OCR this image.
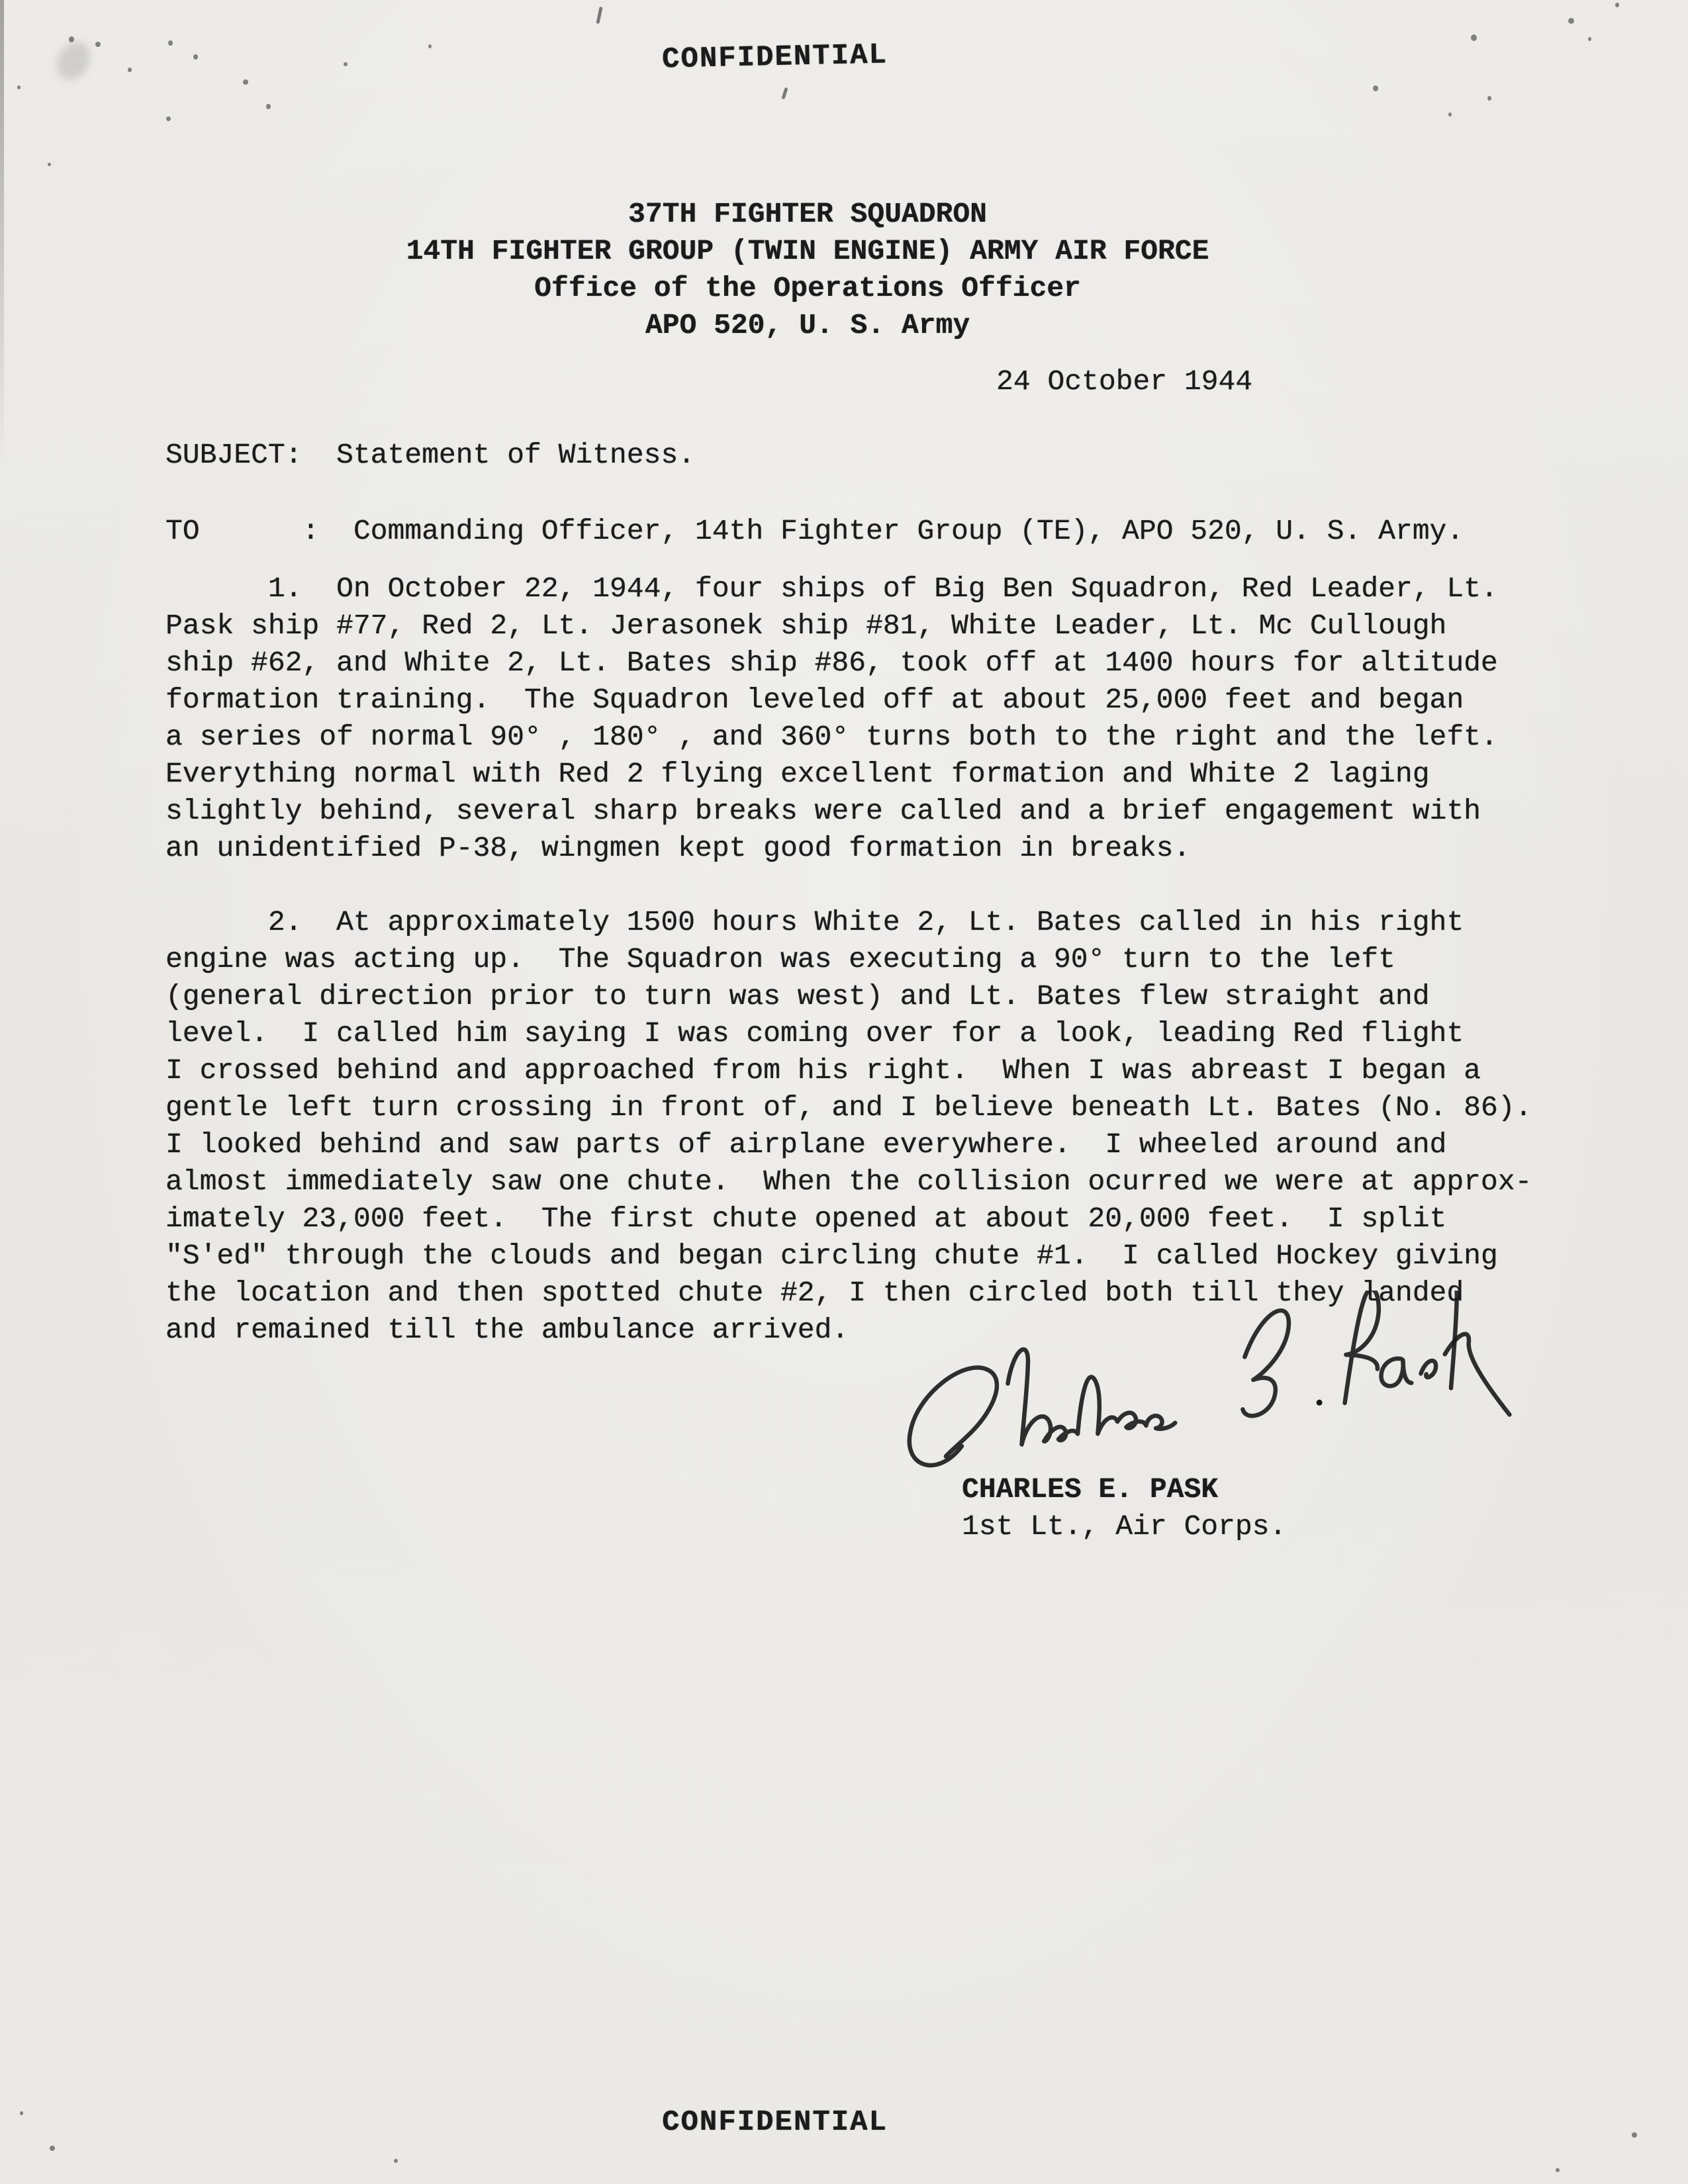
CONFIDENTIAL
CONFIDENTIAL
37TH FIGHTER SQUADRON
14TH FIGHTER GROUP (TWIN ENGINE) ARMY AIR FORCE
Office of the Operations Officer
APO 520, U. S. Army
24 October 1944
SUBJECT:  Statement of Witness.
TO      :  Commanding Officer, 14th Fighter Group (TE), APO 520, U. S. Army.
1.  On October 22, 1944, four ships of Big Ben Squadron, Red Leader, Lt.
Pask ship #77, Red 2, Lt. Jerasonek ship #81, White Leader, Lt. Mc Cullough
ship #62, and White 2, Lt. Bates ship #86, took off at 1400 hours for altitude
formation training.  The Squadron leveled off at about 25,000 feet and began
a series of normal 90° , 180° , and 360° turns both to the right and the left.
Everything normal with Red 2 flying excellent formation and White 2 laging
slightly behind, several sharp breaks were called and a brief engagement with
an unidentified P-38, wingmen kept good formation in breaks.
2.  At approximately 1500 hours White 2, Lt. Bates called in his right
engine was acting up.  The Squadron was executing a 90° turn to the left
(general direction prior to turn was west) and Lt. Bates flew straight and
level.  I called him saying I was coming over for a look, leading Red flight
I crossed behind and approached from his right.  When I was abreast I began a
gentle left turn crossing in front of, and I believe beneath Lt. Bates (No. 86).
I looked behind and saw parts of airplane everywhere.  I wheeled around and
almost immediately saw one chute.  When the collision ocurred we were at approx-
imately 23,000 feet.  The first chute opened at about 20,000 feet.  I split
"S'ed" through the clouds and began circling chute #1.  I called Hockey giving
the location and then spotted chute #2, I then circled both till they landed
and remained till the ambulance arrived.
CHARLES E. PASK
1st Lt., Air Corps.
